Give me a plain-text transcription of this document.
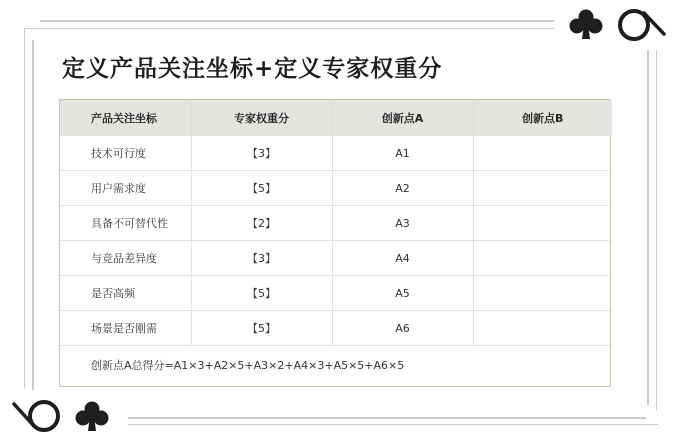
定义产品关注坐标+定义专家权重分
产品关注坐标	专家权重分	创新点A	创新点B
技术可行度	【3】	A1	
用户需求度	【5】	A2	
具备不可替代性	【2】	A3	
与竞品差异度	【3】	A4	
是否高频	【5】	A5	
场景是否刚需	【5】	A6	
创新点A总得分=A1×3+A2×5+A3×2+A4×3+A5×5+A6×5			
